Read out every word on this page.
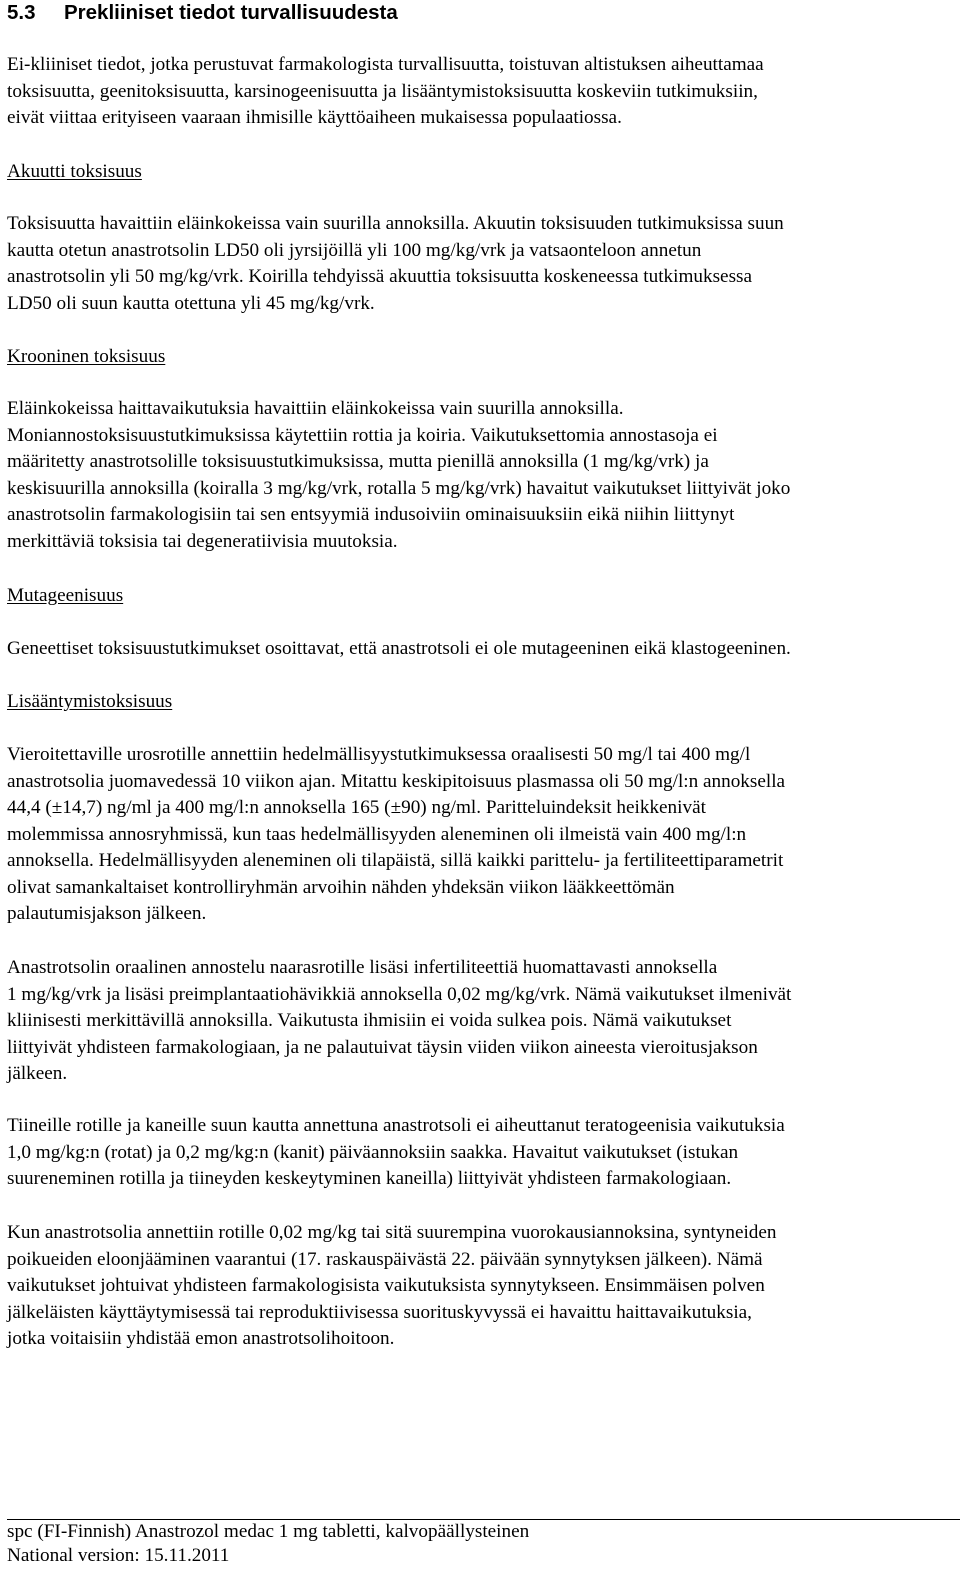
5.3 Prekliiniset tiedot turvallisuudesta
Ei-kliiniset tiedot, jotka perustuvat farmakologista turvallisuutta, toistuvan altistuksen aiheuttamaa
toksisuutta, geenitoksisuutta, karsinogeenisuutta ja lisääntymistoksisuutta koskeviin tutkimuksiin,
eivät viittaa erityiseen vaaraan ihmisille käyttöaiheen mukaisessa populaatiossa.
Akuutti toksisuus
Toksisuutta havaittiin eläinkokeissa vain suurilla annoksilla. Akuutin toksisuuden tutkimuksissa suun
kautta otetun anastrotsolin LD50 oli jyrsijöillä yli 100 mg/kg/vrk ja vatsaonteloon annetun
anastrotsolin yli 50 mg/kg/vrk. Koirilla tehdyissä akuuttia toksisuutta koskeneessa tutkimuksessa
LD50 oli suun kautta otettuna yli 45 mg/kg/vrk.
Krooninen toksisuus
Eläinkokeissa haittavaikutuksia havaittiin eläinkokeissa vain suurilla annoksilla.
Moniannostoksisuustutkimuksissa käytettiin rottia ja koiria. Vaikutuksettomia annostasoja ei
määritetty anastrotsolille toksisuustutkimuksissa, mutta pienillä annoksilla (1 mg/kg/vrk) ja
keskisuurilla annoksilla (koiralla 3 mg/kg/vrk, rotalla 5 mg/kg/vrk) havaitut vaikutukset liittyivät joko
anastrotsolin farmakologisiin tai sen entsyymiä indusoiviin ominaisuuksiin eikä niihin liittynyt
merkittäviä toksisia tai degeneratiivisia muutoksia.
Mutageenisuus
Geneettiset toksisuustutkimukset osoittavat, että anastrotsoli ei ole mutageeninen eikä klastogeeninen.
Lisääntymistoksisuus
Vieroitettaville urosrotille annettiin hedelmällisyystutkimuksessa oraalisesti 50 mg/l tai 400 mg/l
anastrotsolia juomavedessä 10 viikon ajan. Mitattu keskipitoisuus plasmassa oli 50 mg/l:n annoksella
44,4 (±14,7) ng/ml ja 400 mg/l:n annoksella 165 (±90) ng/ml. Paritteluindeksit heikkenivät
molemmissa annosryhmissä, kun taas hedelmällisyyden aleneminen oli ilmeistä vain 400 mg/l:n
annoksella. Hedelmällisyyden aleneminen oli tilapäistä, sillä kaikki parittelu- ja fertiliteettiparametrit
olivat samankaltaiset kontrolliryhmän arvoihin nähden yhdeksän viikon lääkkeettömän
palautumisjakson jälkeen.
Anastrotsolin oraalinen annostelu naarasrotille lisäsi infertiliteettiä huomattavasti annoksella
1 mg/kg/vrk ja lisäsi preimplantaatiohävikkiä annoksella 0,02 mg/kg/vrk. Nämä vaikutukset ilmenivät
kliinisesti merkittävillä annoksilla. Vaikutusta ihmisiin ei voida sulkea pois. Nämä vaikutukset
liittyivät yhdisteen farmakologiaan, ja ne palautuivat täysin viiden viikon aineesta vieroitusjakson
jälkeen.
Tiineille rotille ja kaneille suun kautta annettuna anastrotsoli ei aiheuttanut teratogeenisia vaikutuksia
1,0 mg/kg:n (rotat) ja 0,2 mg/kg:n (kanit) päiväannoksiin saakka. Havaitut vaikutukset (istukan
suureneminen rotilla ja tiineyden keskeytyminen kaneilla) liittyivät yhdisteen farmakologiaan.
Kun anastrotsolia annettiin rotille 0,02 mg/kg tai sitä suurempina vuorokausiannoksina, syntyneiden
poikueiden eloonjääminen vaarantui (17. raskauspäivästä 22. päivään synnytyksen jälkeen). Nämä
vaikutukset johtuivat yhdisteen farmakologisista vaikutuksista synnytykseen. Ensimmäisen polven
jälkeläisten käyttäytymisessä tai reproduktiivisessa suorituskyvyssä ei havaittu haittavaikutuksia,
jotka voitaisiin yhdistää emon anastrotsolihoitoon.
spc (FI-Finnish) Anastrozol medac 1 mg tabletti, kalvopäällysteinen
National version: 15.11.2011
